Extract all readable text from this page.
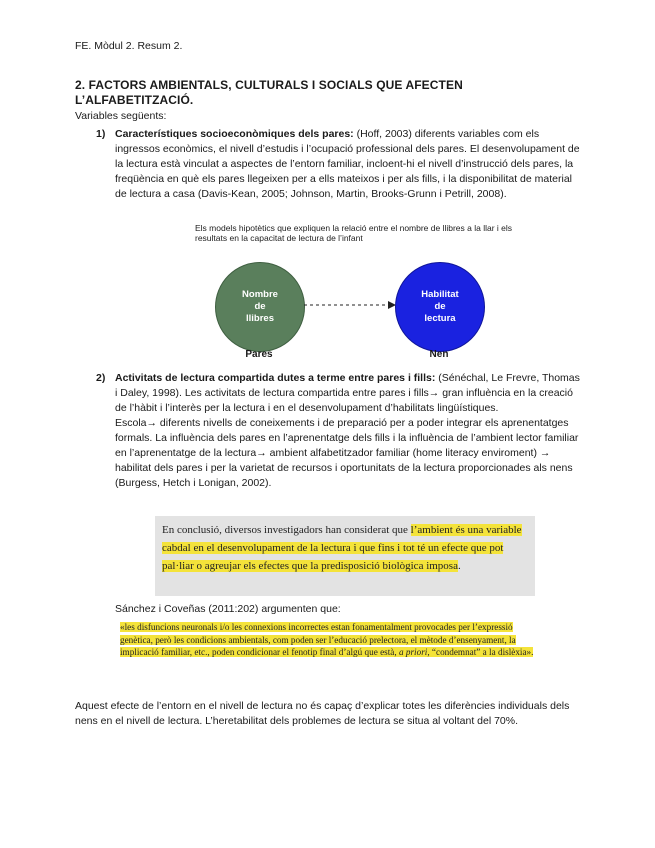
FE. Mòdul 2. Resum 2.
2. FACTORS AMBIENTALS, CULTURALS I SOCIALS QUE AFECTEN L’ALFABETITZACIÓ.
Variables següents:
1) Característiques socioeconòmiques dels pares: (Hoff, 2003) diferents variables com els ingressos econòmics, el nivell d’estudis i l’ocupació professional dels pares. El desenvolupament de la lectura està vinculat a aspectes de l’entorn familiar, incloent-hi el nivell d’instrucció dels pares, la freqüència en què els pares llegeixen per a ells mateixos i per als fills, i la disponibilitat de material de lectura a casa (Davis-Kean, 2005; Johnson, Martin, Brooks-Grunn i Petrill, 2008).
Els models hipotètics que expliquen la relació entre el nombre de llibres a la llar i els resultats en la capacitat de lectura de l’infant
Nombre
de
llibres
Habilitat
de
lectura
Pares	Nen
2) Activitats de lectura compartida dutes a terme entre pares i fills: (Sénéchal, Le Frevre, Thomas i Daley, 1998). Les activitats de lectura compartida entre pares i fills→ gran influència en la creació de l’hàbit i l’interès per la lectura i en el desenvolupament d’habilitats lingüístiques.
Escola→ diferents nivells de coneixements i de preparació per a poder integrar els aprenentatges formals. La influència dels pares en l’aprenentatge dels fills i la influència de l’ambient lector familiar en l’aprenentatge de la lectura→ ambient alfabetitzador familiar (home literacy enviroment) → habilitat dels pares i per la varietat de recursos i oportunitats de la lectura proporcionades als nens (Burgess, Hetch i Lonigan, 2002).
En conclusió, diversos investigadors han considerat que l’ambient és una variable cabdal en el desenvolupament de la lectura i que fins i tot té un efecte que pot pal·liar o agreujar els efectes que la predisposició biològica imposa.
Sánchez i Coveñas (2011:202) argumenten que:
«les disfuncions neuronals i/o les connexions incorrectes estan fonamentalment provocades per l’expressió genètica, però les condicions ambientals, com poden ser l’educació prelectora, el mètode d’ensenyament, la implicació familiar, etc., poden condicionar el fenotip final d’algú que està, a priori, “condemnat” a la dislèxia».
Aquest efecte de l’entorn en el nivell de lectura no és capaç d’explicar totes les diferències individuals dels nens en el nivell de lectura. L’heretabilitat dels problemes de lectura se situa al voltant del 70%.
